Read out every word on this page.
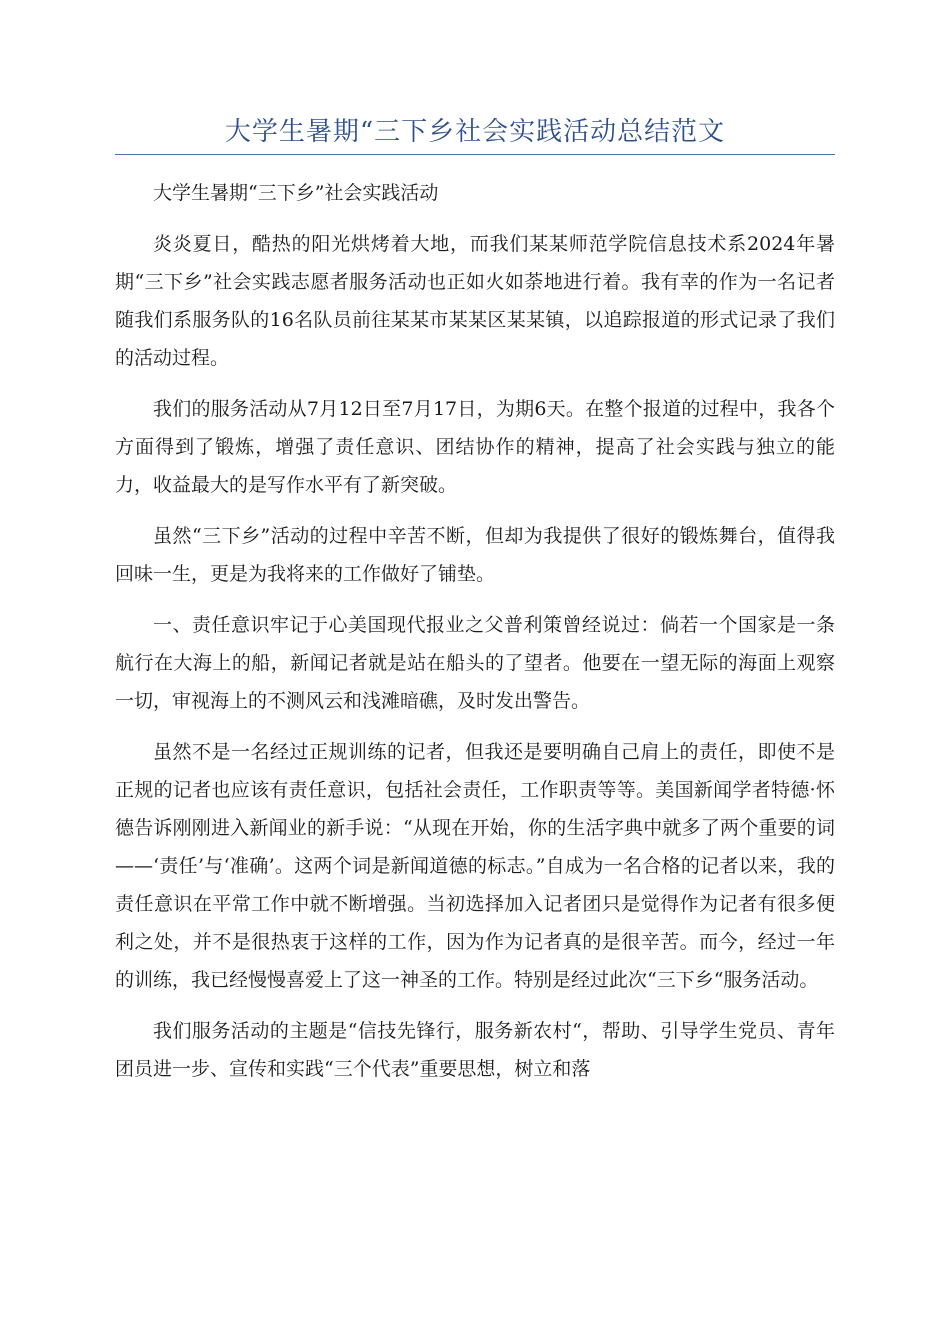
大学生暑期“三下乡社会实践活动总结范文

大学生暑期“三下乡”社会实践活动

炎炎夏日，酷热的阳光烘烤着大地，而我们某某师范学院信息技术系2024年暑期“三下乡”社会实践志愿者服务活动也正如火如荼地进行着。我有幸的作为一名记者随我们系服务队的16名队员前往某某市某某区某某镇，以追踪报道的形式记录了我们的活动过程。

我们的服务活动从7月12日至7月17日，为期6天。在整个报道的过程中，我各个方面得到了锻炼，增强了责任意识、团结协作的精神，提高了社会实践与独立的能力，收益最大的是写作水平有了新突破。

虽然“三下乡”活动的过程中辛苦不断，但却为我提供了很好的锻炼舞台，值得我回味一生，更是为我将来的工作做好了铺垫。

一、责任意识牢记于心美国现代报业之父普利策曾经说过：倘若一个国家是一条航行在大海上的船，新闻记者就是站在船头的了望者。他要在一望无际的海面上观察一切，审视海上的不测风云和浅滩暗礁，及时发出警告。

虽然不是一名经过正规训练的记者，但我还是要明确自己肩上的责任，即使不是正规的记者也应该有责任意识，包括社会责任，工作职责等等。美国新闻学者特德·怀德告诉刚刚进入新闻业的新手说：“从现在开始，你的生活字典中就多了两个重要的词——‘责任’与‘准确’。这两个词是新闻道德的标志。”自成为一名合格的记者以来，我的责任意识在平常工作中就不断增强。当初选择加入记者团只是觉得作为记者有很多便利之处，并不是很热衷于这样的工作，因为作为记者真的是很辛苦。而今，经过一年的训练，我已经慢慢喜爱上了这一神圣的工作。特别是经过此次“三下乡“服务活动。

我们服务活动的主题是“信技先锋行，服务新农村“，帮助、引导学生党员、青年团员进一步、宣传和实践“三个代表”重要思想，树立和落
